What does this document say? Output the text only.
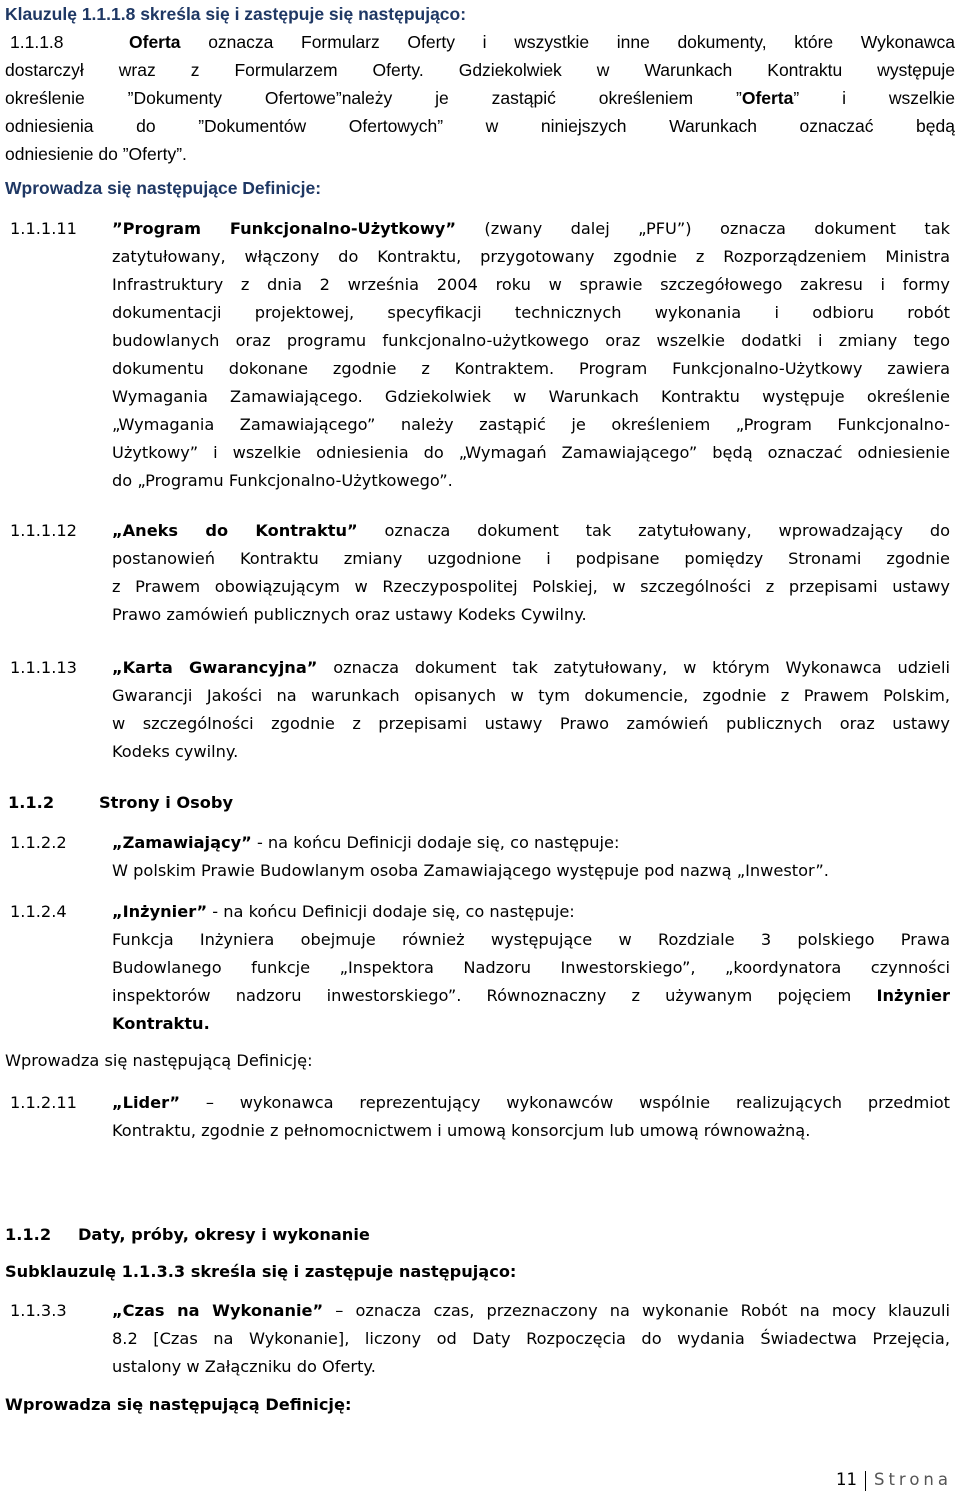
Klauzulę 1.1.1.8 skreśla się i zastępuje się następująco:
1.1.1.8	Oferta oznacza Formularz Oferty i wszystkie inne dokumenty, które Wykonawca
dostarczył wraz z Formularzem Oferty. Gdziekolwiek w Warunkach Kontraktu występuje
określenie ”Dokumenty Ofertowe”należy je zastąpić określeniem ”Oferta” i wszelkie
odniesienia do ”Dokumentów Ofertowych” w niniejszych Warunkach oznaczać będą
odniesienie do ”Oferty”.
Wprowadza się następujące Definicje:
1.1.1.11 ”Program Funkcjonalno-Użytkowy” (zwany dalej „PFU”) oznacza dokument tak
zatytułowany, włączony do Kontraktu, przygotowany zgodnie z Rozporządzeniem Ministra
Infrastruktury z dnia 2 września 2004 roku w sprawie szczegółowego zakresu i formy
dokumentacji projektowej, specyfikacji technicznych wykonania i odbioru robót
budowlanych oraz programu funkcjonalno-użytkowego oraz wszelkie dodatki i zmiany tego
dokumentu dokonane zgodnie z Kontraktem. Program Funkcjonalno-Użytkowy zawiera
Wymagania Zamawiającego. Gdziekolwiek w Warunkach Kontraktu występuje określenie
„Wymagania Zamawiającego” należy zastąpić je określeniem „Program Funkcjonalno-
Użytkowy” i wszelkie odniesienia do „Wymagań Zamawiającego” będą oznaczać odniesienie
do „Programu Funkcjonalno-Użytkowego”.
1.1.1.12 „Aneks do Kontraktu” oznacza dokument tak zatytułowany, wprowadzający do
postanowień Kontraktu zmiany uzgodnione i podpisane pomiędzy Stronami zgodnie
z Prawem obowiązującym w Rzeczypospolitej Polskiej, w szczególności z przepisami ustawy
Prawo zamówień publicznych oraz ustawy Kodeks Cywilny.
1.1.1.13 „Karta Gwarancyjna” oznacza dokument tak zatytułowany, w którym Wykonawca udzieli
Gwarancji Jakości na warunkach opisanych w tym dokumencie, zgodnie z Prawem Polskim,
w szczególności zgodnie z przepisami ustawy Prawo zamówień publicznych oraz ustawy
Kodeks cywilny.
1.1.2	Strony i Osoby
1.1.2.2	„Zamawiający” - na końcu Definicji dodaje się, co następuje:
W polskim Prawie Budowlanym osoba Zamawiającego występuje pod nazwą „Inwestor”.
1.1.2.4	„Inżynier” - na końcu Definicji dodaje się, co następuje:
Funkcja Inżyniera obejmuje również występujące w Rozdziale 3 polskiego Prawa
Budowlanego funkcje „Inspektora Nadzoru Inwestorskiego”, „koordynatora czynności
inspektorów nadzoru inwestorskiego”. Równoznaczny z używanym pojęciem Inżynier
Kontraktu.
Wprowadza się następującą Definicję:
1.1.2.11 „Lider” – wykonawca reprezentujący wykonawców wspólnie realizujących przedmiot
Kontraktu, zgodnie z pełnomocnictwem i umową konsorcjum lub umową równoważną.
1.1.2 Daty, próby, okresy i wykonanie
Subklauzulę 1.1.3.3 skreśla się i zastępuje następująco:
1.1.3.3	„Czas na Wykonanie” – oznacza czas, przeznaczony na wykonanie Robót na mocy klauzuli
8.2 [Czas na Wykonanie], liczony od Daty Rozpoczęcia do wydania Świadectwa Przejęcia,
ustalony w Załączniku do Oferty.
Wprowadza się następującą Definicję:
11 Strona
